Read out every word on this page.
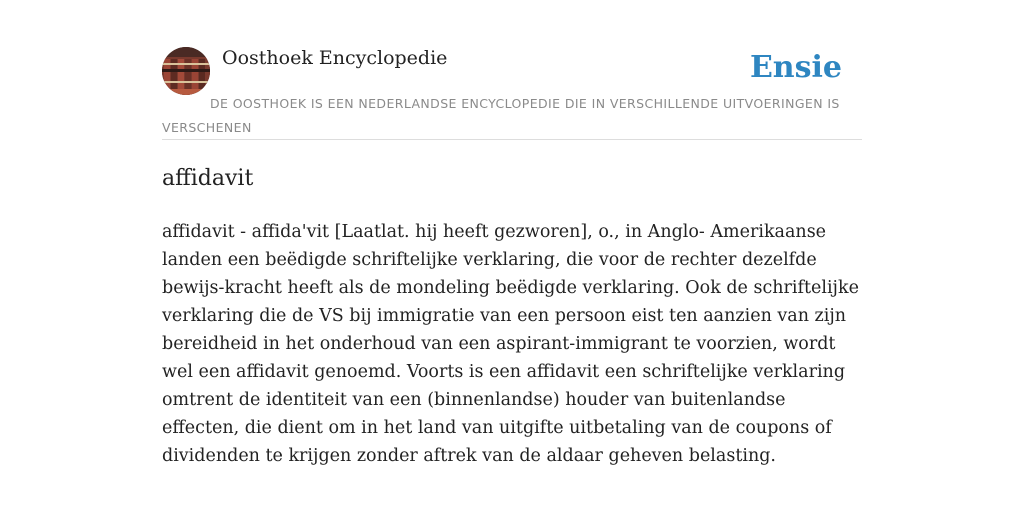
Oosthoek Encyclopedie	Ensie
DE OOSTHOEK IS EEN NEDERLANDSE ENCYCLOPEDIE DIE IN VERSCHILLENDE UITVOERINGEN IS VERSCHENEN
affidavit

affidavit - affida'vit [Laatlat. hij heeft gezworen], o., in Anglo- Amerikaanse landen een beëdigde schriftelijke verklaring, die voor de rechter dezelfde bewijs-kracht heeft als de mondeling beëdigde verklaring. Ook de schriftelijke verklaring die de VS bij immigratie van een persoon eist ten aanzien van zijn bereidheid in het onderhoud van een aspirant-immigrant te voorzien, wordt wel een affidavit genoemd. Voorts is een affidavit een schriftelijke verklaring omtrent de identiteit van een (binnenlandse) houder van buitenlandse effecten, die dient om in het land van uitgifte uitbetaling van de coupons of dividenden te krijgen zonder aftrek van de aldaar geheven belasting.
